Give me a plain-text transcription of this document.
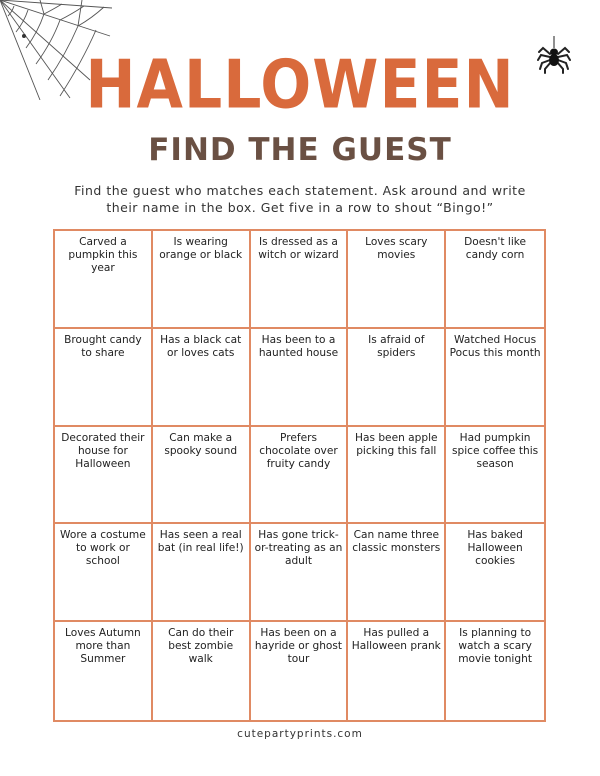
HALLOWEEN
FIND THE GUEST
Find the guest who matches each statement. Ask around and write their name in the box. Get five in a row to shout “Bingo!”
Carved a pumpkin this year
Is wearing orange or black
Is dressed as a witch or wizard
Loves scary movies
Doesn't like candy corn
Brought candy to share
Has a black cat or loves cats
Has been to a haunted house
Is afraid of spiders
Watched Hocus Pocus this month
Decorated their house for Halloween
Can make a spooky sound
Prefers chocolate over fruity candy
Has been apple picking this fall
Had pumpkin spice coffee this season
Wore a costume to work or school
Has seen a real bat (in real life!)
Has gone trick-or-treating as an adult
Can name three classic monsters
Has baked Halloween cookies
Loves Autumn more than Summer
Can do their best zombie walk
Has been on a hayride or ghost tour
Has pulled a Halloween prank
Is planning to watch a scary movie tonight
cutepartyprints.com
